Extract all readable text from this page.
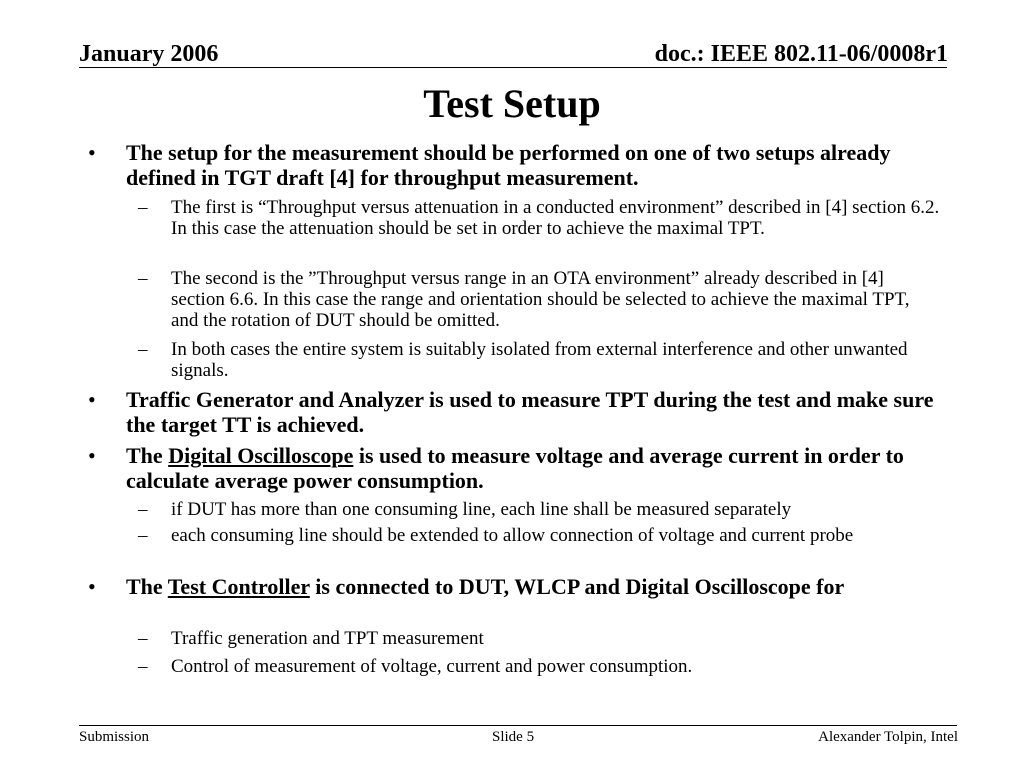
January 2006	doc.: IEEE 802.11-06/0008r1
Test Setup
• The setup for the measurement should be performed on one of two setups already defined in TGT draft [4] for throughput measurement.
– The first is “Throughput versus attenuation in a conducted environment” described in [4] section 6.2. In this case the attenuation should be set in order to achieve the maximal TPT.
– The second is the ”Throughput versus range in an OTA environment” already described in [4] section 6.6. In this case the range and orientation should be selected to achieve the maximal TPT, and the rotation of DUT should be omitted.
– In both cases the entire system is suitably isolated from external interference and other unwanted signals.
• Traffic Generator and Analyzer is used to measure TPT during the test and make sure the target TT is achieved.
• The Digital Oscilloscope is used to measure voltage and average current in order to calculate average power consumption.
– if DUT has more than one consuming line, each line shall be measured separately
– each consuming line should be extended to allow connection of voltage and current probe
• The Test Controller is connected to DUT, WLCP and Digital Oscilloscope for
– Traffic generation and TPT measurement
– Control of measurement of voltage, current and power consumption.
Submission	Slide 5	Alexander Tolpin, Intel
